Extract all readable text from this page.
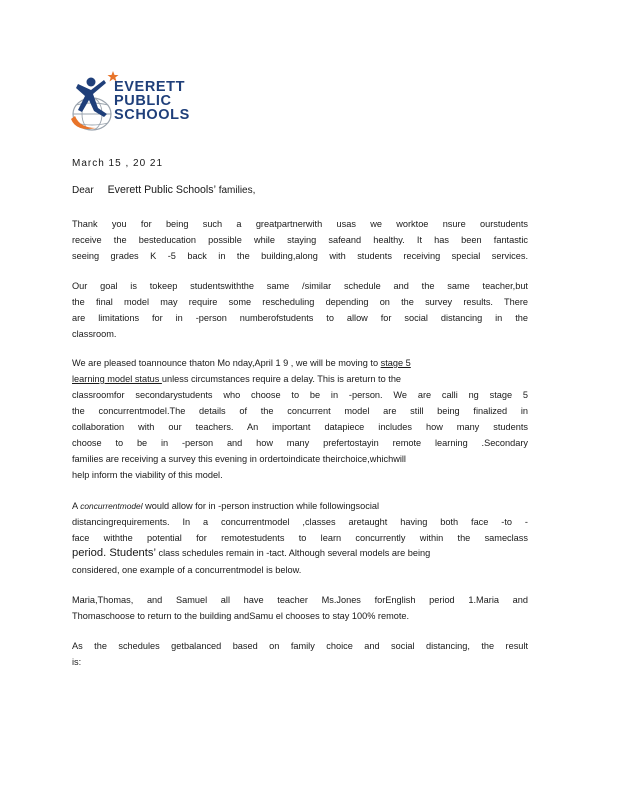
EVERETT
PUBLIC
SCHOOLS
March 15 , 20 21
Dear Everett Public Schools’ families,
Thank you for being such a greatpartnerwith usas we worktoe nsure ourstudents
receive the besteducation possible while staying safeand healthy. It has been fantastic
seeing grades K -5 back in the building,along with students receiving special services.
Our goal is tokeep studentswiththe same /similar schedule and the same teacher,but
the final model may require some rescheduling depending on the survey results. There
are limitations for in -person numberofstudents to allow for social distancing in the
classroom.
We are pleased toannounce thaton Mo nday,April 1 9 , we will be moving to stage 5
learning model status unless circumstances require a delay. This is areturn to the
classroomfor secondarystudents who choose to be in -person. We are calli ng stage 5
the concurrentmodel.The details of the concurrent model are still being finalized in
collaboration with our teachers. An important datapiece includes how many students
choose to be in -person and how many prefertostayin remote learning .Secondary
families are receiving a survey this evening in ordertoindicate theirchoice,whichwill
help inform the viability of this model.
A concurrentmodel would allow for in -person instruction while followingsocial
distancingrequirements. In a concurrentmodel ,classes aretaught having both face -to -
face withthe potential for remotestudents to learn concurrently within the sameclass
period. Students’ class schedules remain in -tact. Although several models are being
considered, one example of a concurrentmodel is below.
Maria,Thomas, and Samuel all have teacher Ms.Jones forEnglish period 1.Maria and
Thomaschoose to return to the building andSamu el chooses to stay 100% remote.
As the schedules getbalanced based on family choice and social distancing, the result
is:
